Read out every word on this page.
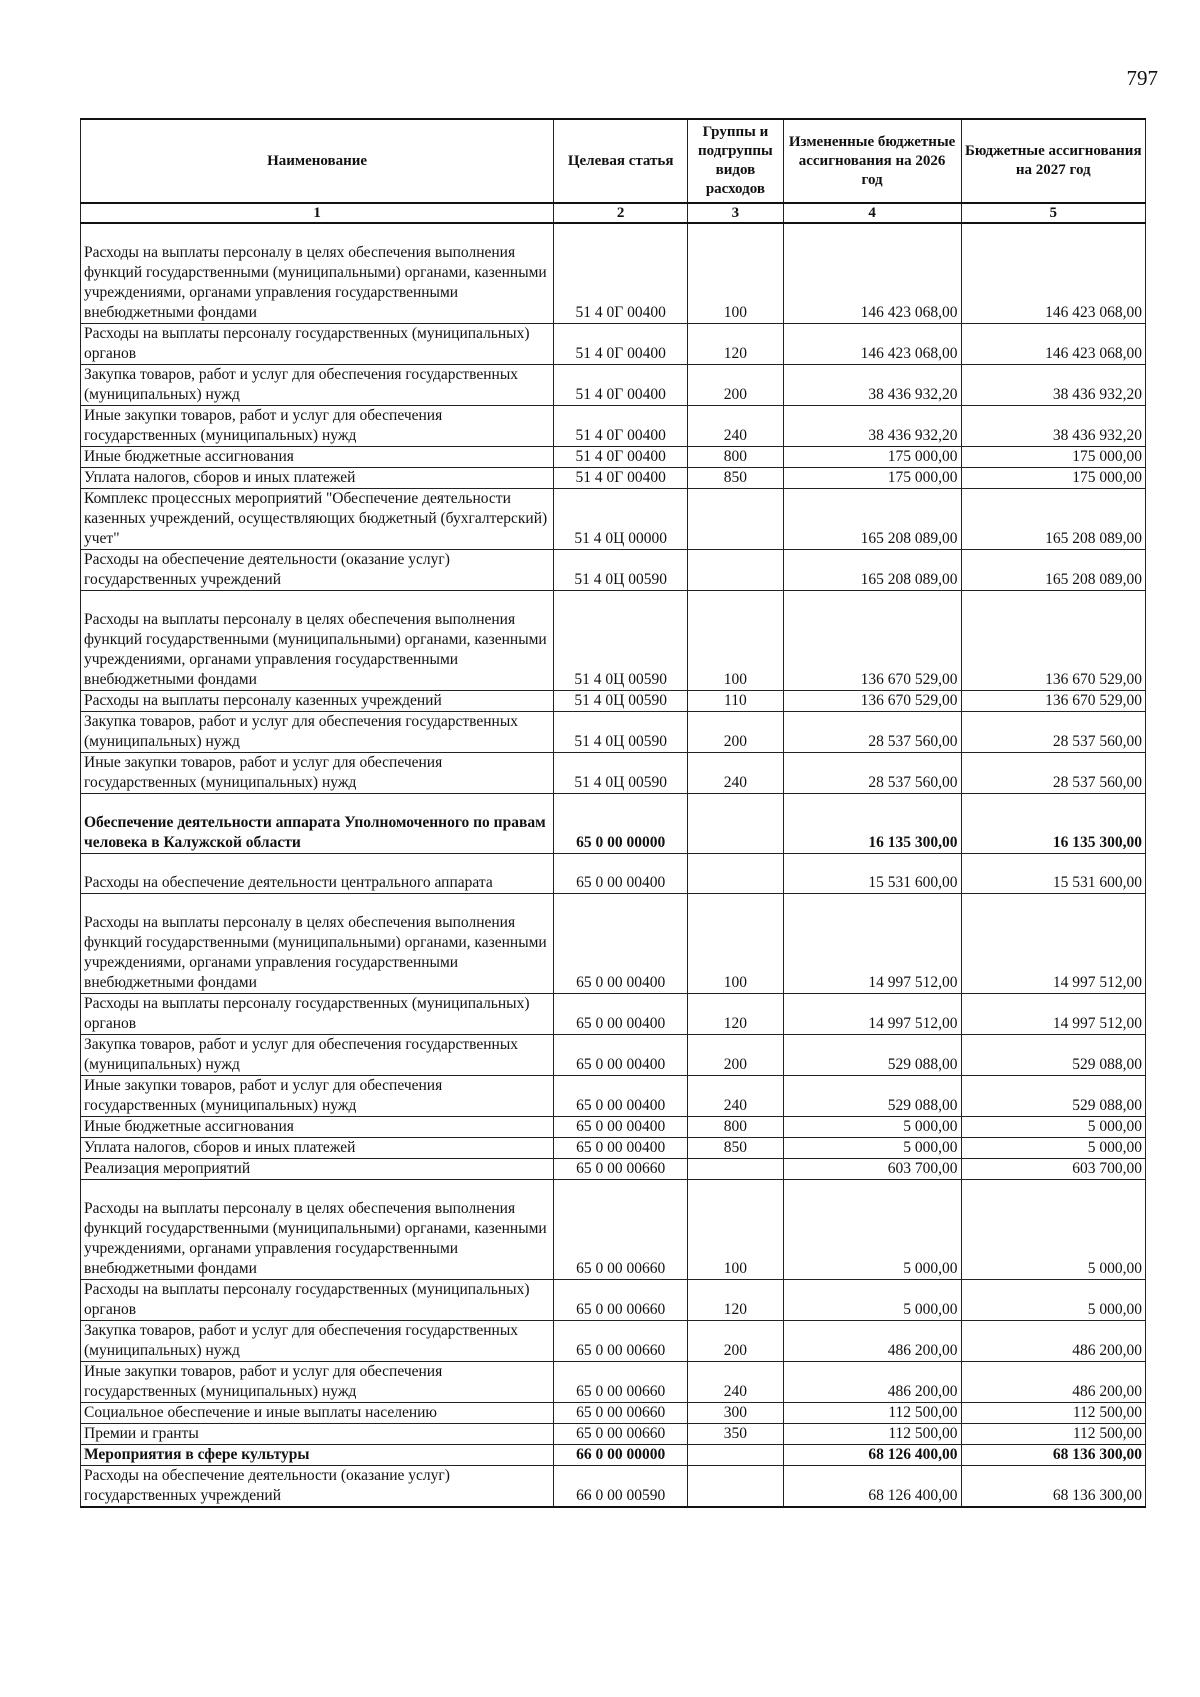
797
Наименование	Целевая статья	Группы и подгруппы видов расходов	Измененные бюджетные ассигнования на 2026 год	Бюджетные ассигнования на 2027 год
1	2	3	4	5
Расходы на выплаты персоналу в целях обеспечения выполнения функций государственными (муниципальными) органами, казенными учреждениями, органами управления государственными внебюджетными фондами	51 4 0Г 00400	100	146 423 068,00	146 423 068,00
Расходы на выплаты персоналу государственных (муниципальных) органов	51 4 0Г 00400	120	146 423 068,00	146 423 068,00
Закупка товаров, работ и услуг для обеспечения государственных (муниципальных) нужд	51 4 0Г 00400	200	38 436 932,20	38 436 932,20
Иные закупки товаров, работ и услуг для обеспечения государственных (муниципальных) нужд	51 4 0Г 00400	240	38 436 932,20	38 436 932,20
Иные бюджетные ассигнования	51 4 0Г 00400	800	175 000,00	175 000,00
Уплата налогов, сборов и иных платежей	51 4 0Г 00400	850	175 000,00	175 000,00
Комплекс процессных мероприятий "Обеспечение деятельности казенных учреждений, осуществляющих бюджетный (бухгалтерский) учет"	51 4 0Ц 00000		165 208 089,00	165 208 089,00
Расходы на обеспечение деятельности (оказание услуг) государственных учреждений	51 4 0Ц 00590		165 208 089,00	165 208 089,00
Расходы на выплаты персоналу в целях обеспечения выполнения функций государственными (муниципальными) органами, казенными учреждениями, органами управления государственными внебюджетными фондами	51 4 0Ц 00590	100	136 670 529,00	136 670 529,00
Расходы на выплаты персоналу казенных учреждений	51 4 0Ц 00590	110	136 670 529,00	136 670 529,00
Закупка товаров, работ и услуг для обеспечения государственных (муниципальных) нужд	51 4 0Ц 00590	200	28 537 560,00	28 537 560,00
Иные закупки товаров, работ и услуг для обеспечения государственных (муниципальных) нужд	51 4 0Ц 00590	240	28 537 560,00	28 537 560,00
Обеспечение деятельности аппарата Уполномоченного по правам человека в Калужской области	65 0 00 00000		16 135 300,00	16 135 300,00
Расходы на обеспечение деятельности центрального аппарата	65 0 00 00400		15 531 600,00	15 531 600,00
Расходы на выплаты персоналу в целях обеспечения выполнения функций государственными (муниципальными) органами, казенными учреждениями, органами управления государственными внебюджетными фондами	65 0 00 00400	100	14 997 512,00	14 997 512,00
Расходы на выплаты персоналу государственных (муниципальных) органов	65 0 00 00400	120	14 997 512,00	14 997 512,00
Закупка товаров, работ и услуг для обеспечения государственных (муниципальных) нужд	65 0 00 00400	200	529 088,00	529 088,00
Иные закупки товаров, работ и услуг для обеспечения государственных (муниципальных) нужд	65 0 00 00400	240	529 088,00	529 088,00
Иные бюджетные ассигнования	65 0 00 00400	800	5 000,00	5 000,00
Уплата налогов, сборов и иных платежей	65 0 00 00400	850	5 000,00	5 000,00
Реализация мероприятий	65 0 00 00660		603 700,00	603 700,00
Расходы на выплаты персоналу в целях обеспечения выполнения функций государственными (муниципальными) органами, казенными учреждениями, органами управления государственными внебюджетными фондами	65 0 00 00660	100	5 000,00	5 000,00
Расходы на выплаты персоналу государственных (муниципальных) органов	65 0 00 00660	120	5 000,00	5 000,00
Закупка товаров, работ и услуг для обеспечения государственных (муниципальных) нужд	65 0 00 00660	200	486 200,00	486 200,00
Иные закупки товаров, работ и услуг для обеспечения государственных (муниципальных) нужд	65 0 00 00660	240	486 200,00	486 200,00
Социальное обеспечение и иные выплаты населению	65 0 00 00660	300	112 500,00	112 500,00
Премии и гранты	65 0 00 00660	350	112 500,00	112 500,00
Мероприятия в сфере культуры	66 0 00 00000		68 126 400,00	68 136 300,00
Расходы на обеспечение деятельности (оказание услуг) государственных учреждений	66 0 00 00590		68 126 400,00	68 136 300,00
